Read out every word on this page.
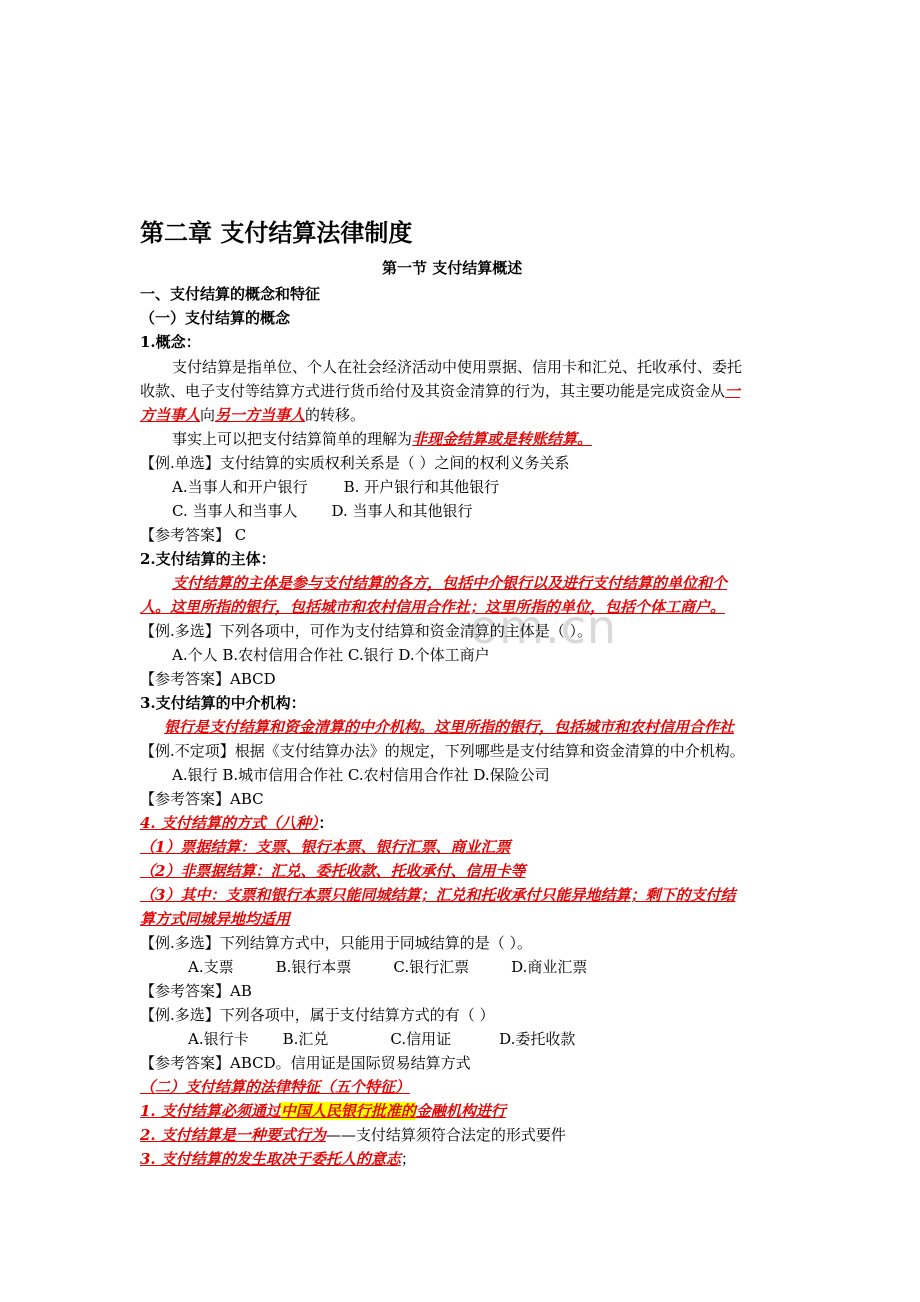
om.cn
第二章 支付结算法律制度
第一节 支付结算概述
一、支付结算的概念和特征
（一）支付结算的概念
1.概念：
支付结算是指单位、个人在社会经济活动中使用票据、信用卡和汇兑、托收承付、委托
收款、电子支付等结算方式进行货币给付及其资金清算的行为，其主要功能是完成资金从一
方当事人向另一方当事人的转移。
事实上可以把支付结算简单的理解为非现金结算或是转账结算。
【例.单选】支付结算的实质权利关系是（ ）之间的权利义务关系
A.当事人和开户银行 B. 开户银行和其他银行
C. 当事人和当事人 D. 当事人和其他银行
【参考答案】 C
2.支付结算的主体：
支付结算的主体是参与支付结算的各方，包括中介银行以及进行支付结算的单位和个
人。这里所指的银行，包括城市和农村信用合作社；这里所指的单位，包括个体工商户。
【例.多选】下列各项中，可作为支付结算和资金清算的主体是（ ）。
A.个人 B.农村信用合作社 C.银行 D.个体工商户
【参考答案】ABCD
3.支付结算的中介机构：
银行是支付结算和资金清算的中介机构。这里所指的银行，包括城市和农村信用合作社
【例.不定项】根据《支付结算办法》的规定，下列哪些是支付结算和资金清算的中介机构。
A.银行 B.城市信用合作社 C.农村信用合作社 D.保险公司
【参考答案】ABC
4. 支付结算的方式（八种）：
（1）票据结算：支票、银行本票、银行汇票、商业汇票
（2）非票据结算：汇兑、委托收款、托收承付、信用卡等
（3）其中：支票和银行本票只能同城结算；汇兑和托收承付只能异地结算；剩下的支付结
算方式同城异地均适用
【例.多选】下列结算方式中，只能用于同城结算的是（ ）。
A.支票	B.银行本票	C.银行汇票	D.商业汇票
【参考答案】AB
【例.多选】下列各项中，属于支付结算方式的有（ ）
A.银行卡 B.汇兑	C.信用证	D.委托收款
【参考答案】ABCD。信用证是国际贸易结算方式
（二）支付结算的法律特征（五个特征）
1. 支付结算必须通过中国人民银行批准的金融机构进行
2. 支付结算是一种要式行为——支付结算须符合法定的形式要件
3. 支付结算的发生取决于委托人的意志；
